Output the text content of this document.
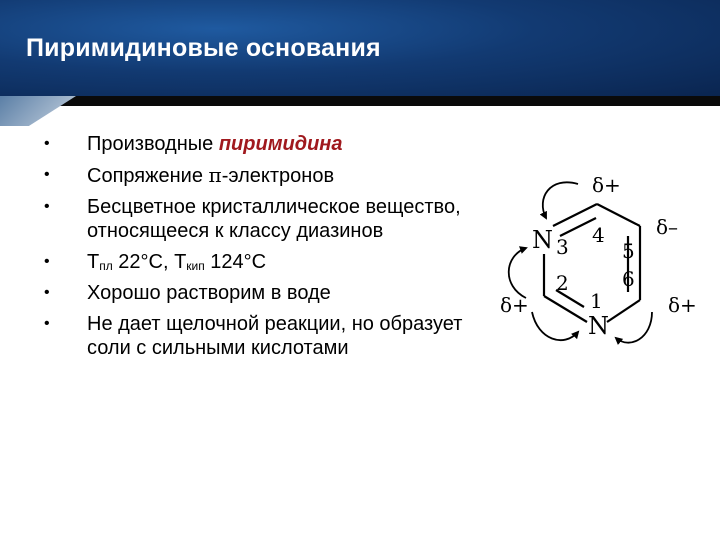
Пиримидиновые основания
• Производные пиримидина
• Сопряжение π-электронов
• Бесцветное кристаллическое вещество, относящееся к классу диазинов
• $Т_{пл}$ 22°С, $Т_{кип}$ 124°С
• Хорошо растворим в воде
• Не дает щелочной реакции, но образует соли с сильными кислотами
N
N
1
2
3 4
5
6
δ+
δ–
δ+	δ+
